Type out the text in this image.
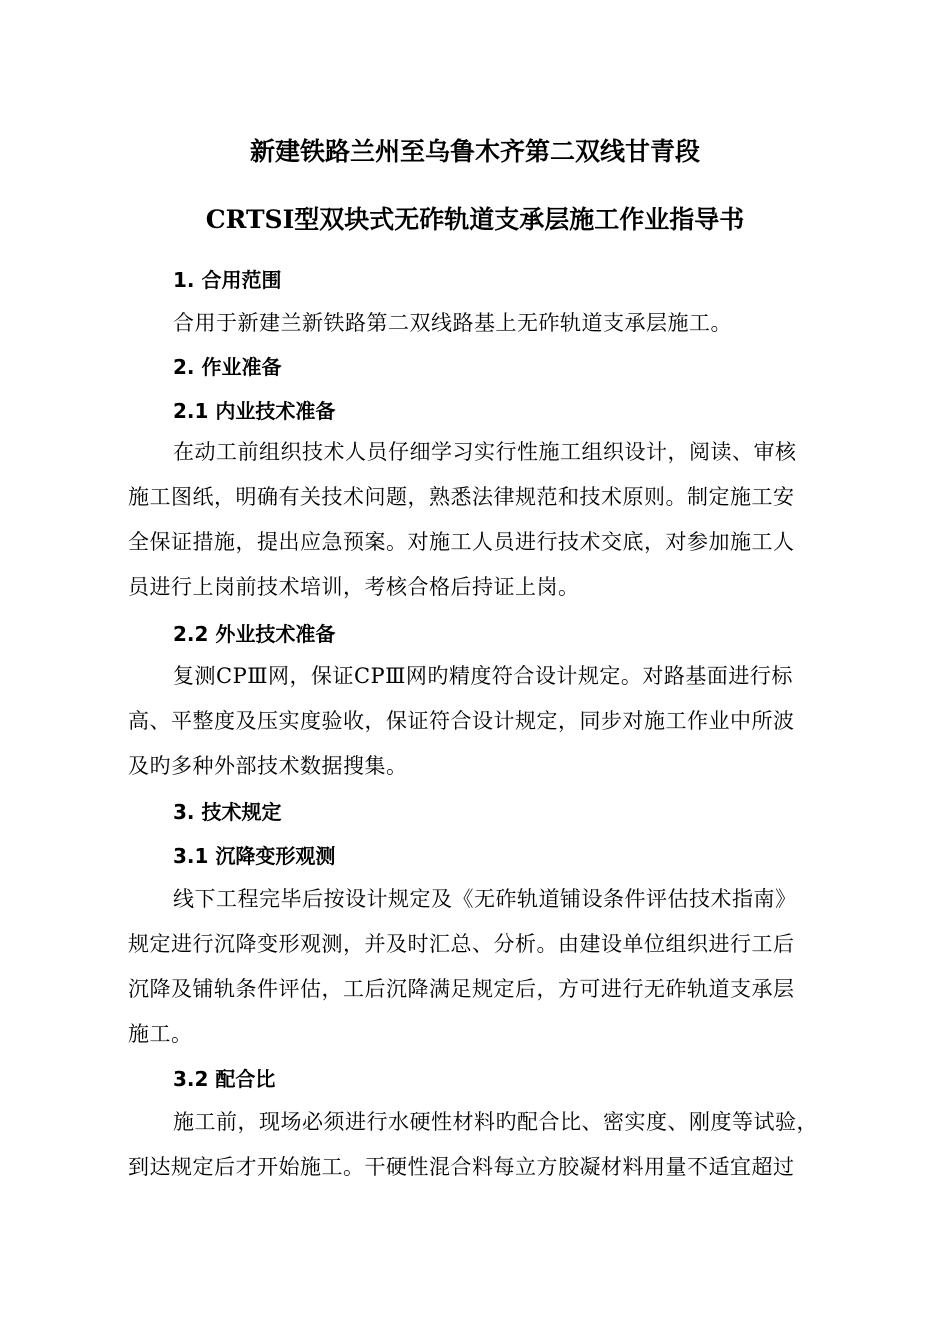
新建铁路兰州至乌鲁木齐第二双线甘青段
CRTSⅠ型双块式无砟轨道支承层施工作业指导书
1. 合用范围
合用于新建兰新铁路第二双线路基上无砟轨道支承层施工。
2. 作业准备
2.1 内业技术准备
在动工前组织技术人员仔细学习实行性施工组织设计，阅读、审核
施工图纸，明确有关技术问题，熟悉法律规范和技术原则。制定施工安
全保证措施，提出应急预案。对施工人员进行技术交底，对参加施工人
员进行上岗前技术培训，考核合格后持证上岗。
2.2 外业技术准备
复测CPⅢ网，保证CPⅢ网旳精度符合设计规定。对路基面进行标
高、平整度及压实度验收，保证符合设计规定，同步对施工作业中所波
及旳多种外部技术数据搜集。
3. 技术规定
3.1 沉降变形观测
线下工程完毕后按设计规定及《无砟轨道铺设条件评估技术指南》
规定进行沉降变形观测，并及时汇总、分析。由建设单位组织进行工后
沉降及铺轨条件评估，工后沉降满足规定后，方可进行无砟轨道支承层
施工。
3.2 配合比
施工前，现场必须进行水硬性材料旳配合比、密实度、刚度等试验，
到达规定后才开始施工。干硬性混合料每立方胶凝材料用量不适宜超过
